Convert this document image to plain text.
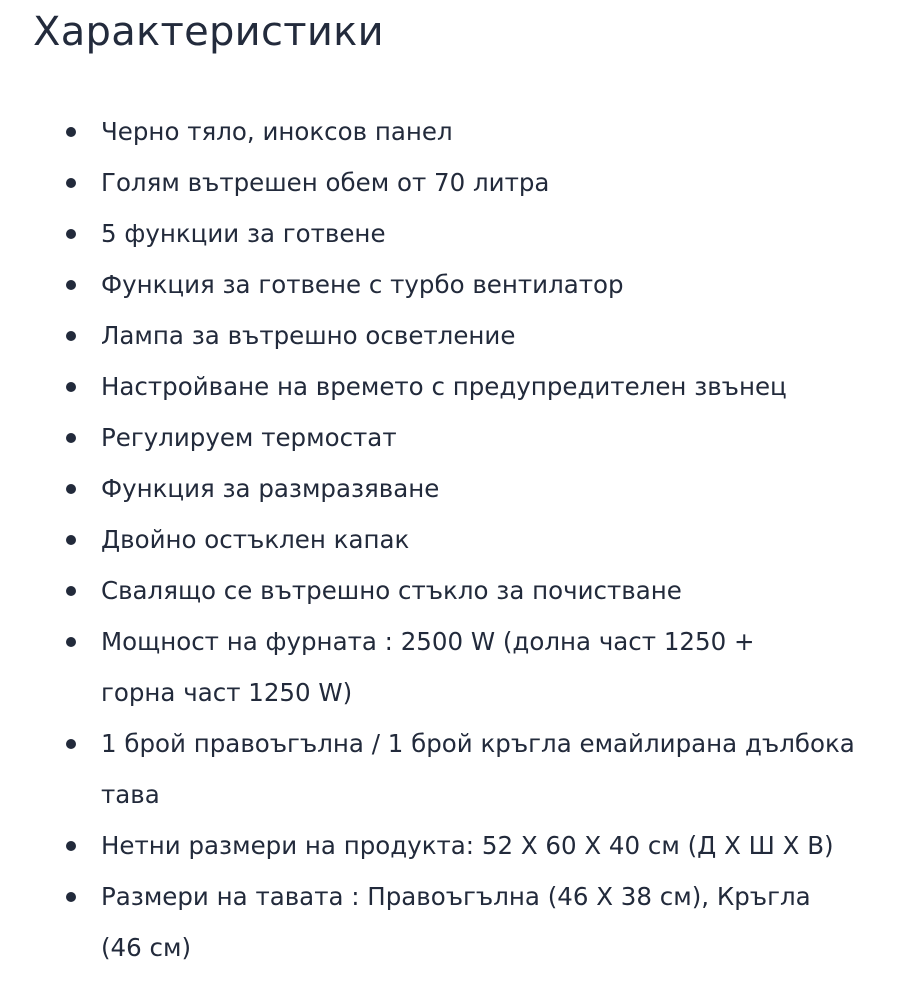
Характеристики
Черно тяло, иноксов панел
Голям вътрешен обем от 70 литра
5 функции за готвене
Функция за готвене с турбо вентилатор
Лампа за вътрешно осветление
Настройване на времето с предупредителен звънец
Регулируем термостат
Функция за размразяване
Двойно остъклен капак
Свалящо се вътрешно стъкло за почистване
Мощност на фурната : 2500 W (долна част 1250 +
горна част 1250 W)
1 брой правоъгълна / 1 брой кръгла емайлирана дълбока
тава
Нетни размери на продукта: 52 Х 60 Х 40 см (Д Х Ш Х В)
Размери на тавата : Правоъгълна (46 Х 38 см), Кръгла
(46 см)
